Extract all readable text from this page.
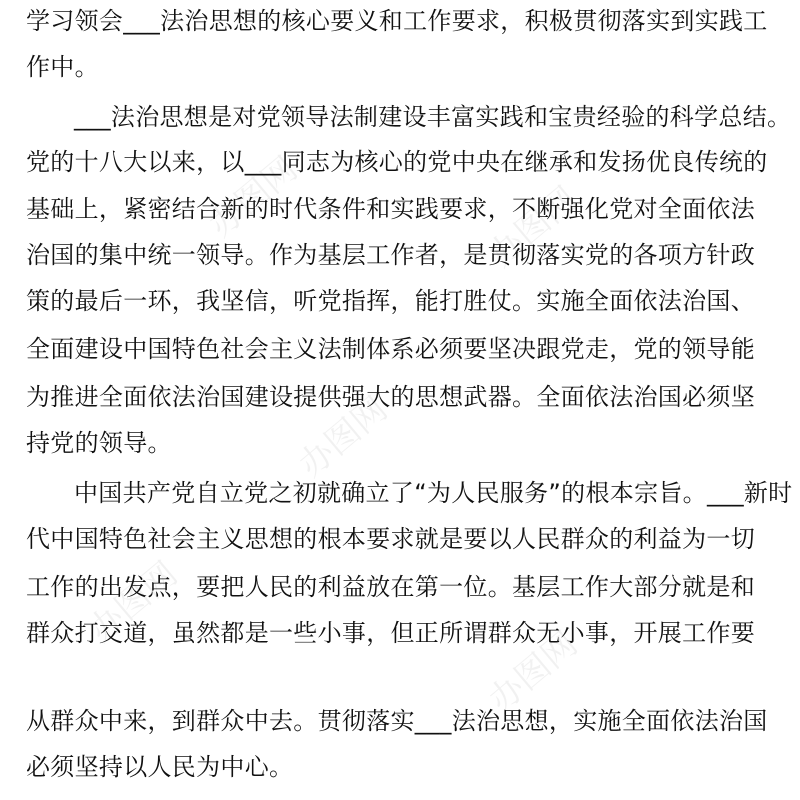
学习领会___法治思想的核心要义和工作要求，积极贯彻落实到实践工
作中。
___法治思想是对党领导法制建设丰富实践和宝贵经验的科学总结。
党的十八大以来，以___同志为核心的党中央在继承和发扬优良传统的
基础上，紧密结合新的时代条件和实践要求，不断强化党对全面依法
治国的集中统一领导。作为基层工作者，是贯彻落实党的各项方针政
策的最后一环，我坚信，听党指挥，能打胜仗。实施全面依法治国、
全面建设中国特色社会主义法制体系必须要坚决跟党走，党的领导能
为推进全面依法治国建设提供强大的思想武器。全面依法治国必须坚
持党的领导。
中国共产党自立党之初就确立了“为人民服务”的根本宗旨。___新时
代中国特色社会主义思想的根本要求就是要以人民群众的利益为一切
工作的出发点，要把人民的利益放在第一位。基层工作大部分就是和
群众打交道，虽然都是一些小事，但正所谓群众无小事，开展工作要
从群众中来，到群众中去。贯彻落实___法治思想，实施全面依法治国
必须坚持以人民为中心。
办图网	办图网
办图网
办图网
办图网
